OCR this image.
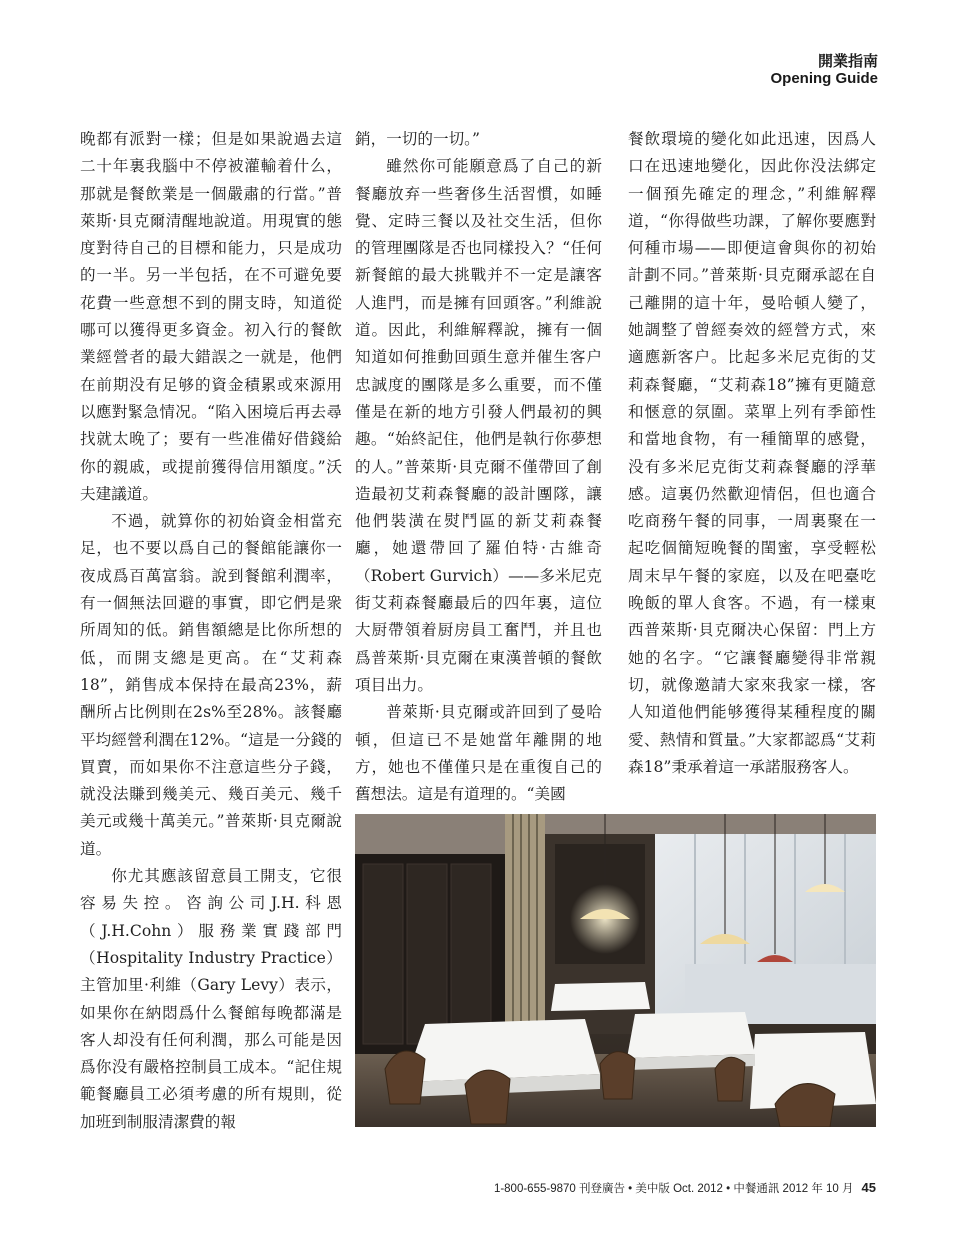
開業指南
Opening Guide

晚都有派對一樣；但是如果說過去這二十年裏我腦中不停被灌輸着什么，那就是餐飲業是一個嚴肅的行當。”普萊斯·貝克爾清醒地說道。用現實的態度對待自己的目標和能力，只是成功的一半。另一半包括，在不可避免要花費一些意想不到的開支時，知道從哪可以獲得更多資金。初入行的餐飲業經營者的最大錯誤之一就是，他們在前期没有足够的資金積累或來源用以應對緊急情况。“陷入困境后再去尋找就太晚了；要有一些准備好借錢給你的親戚，或提前獲得信用額度。”沃夫建議道。

不過，就算你的初始資金相當充足，也不要以爲自己的餐館能讓你一夜成爲百萬富翁。說到餐館利潤率，有一個無法回避的事實，即它們是衆所周知的低。銷售額總是比你所想的低，而開支總是更高。在“艾莉森18”，銷售成本保持在最高23%，薪酬所占比例則在2s%至28%。該餐廳平均經營利潤在12%。“這是一分錢的買賣，而如果你不注意這些分子錢，就没法賺到幾美元、幾百美元、幾千美元或幾十萬美元。”普萊斯·貝克爾說道。

你尤其應該留意員工開支，它很容易失控。咨詢公司J.H.科恩（J.H.Cohn）服務業實踐部門（Hospitality Industry Practice）主管加里·利維（Gary Levy）表示，如果你在納悶爲什么餐館每晚都滿是客人却没有任何利潤，那么可能是因爲你没有嚴格控制員工成本。“記住規範餐廳員工必須考慮的所有規則，從加班到制服清潔費的報

銷，一切的一切。”

雖然你可能願意爲了自己的新餐廳放弃一些奢侈生活習慣，如睡覺、定時三餐以及社交生活，但你的管理團隊是否也同樣投入？“任何新餐館的最大挑戰并不一定是讓客人進門，而是擁有回頭客。”利維說道。因此，利維解釋說，擁有一個知道如何推動回頭生意并催生客户忠誠度的團隊是多么重要，而不僅僅是在新的地方引發人們最初的興趣。“始終記住，他們是執行你夢想的人。”普萊斯·貝克爾不僅帶回了創造最初艾莉森餐廳的設計團隊，讓他們裝潢在熨鬥區的新艾莉森餐廳，她還帶回了羅伯特·古維奇（Robert Gurvich）——多米尼克街艾莉森餐廳最后的四年裏，這位大厨帶領着厨房員工奮鬥，并且也爲普萊斯·貝克爾在東漢普頓的餐飲項目出力。

普萊斯·貝克爾或許回到了曼哈頓，但這已不是她當年離開的地方，她也不僅僅只是在重復自己的舊想法。這是有道理的。“美國

餐飲環境的變化如此迅速，因爲人口在迅速地變化，因此你没法綁定一個預先確定的理念，”利維解釋道，“你得做些功課，了解你要應對何種市場——即便這會與你的初始計劃不同。”普萊斯·貝克爾承認在自己離開的這十年，曼哈頓人變了，她調整了曾經奏效的經營方式，來適應新客户。比起多米尼克街的艾莉森餐廳，“艾莉森18”擁有更隨意和愜意的氛圍。菜單上列有季節性和當地食物，有一種簡單的感覺，没有多米尼克街艾莉森餐廳的浮華感。這裏仍然歡迎情侶，但也適合吃商務午餐的同事，一周裏聚在一起吃個簡短晚餐的閨蜜，享受輕松周末早午餐的家庭，以及在吧臺吃晚飯的單人食客。不過，有一樣東西普萊斯·貝克爾决心保留：門上方她的名字。“它讓餐廳變得非常親切，就像邀請大家來我家一樣，客人知道他們能够獲得某種程度的關愛、熱情和質量。”大家都認爲“艾莉森18”秉承着這一承諾服務客人。

1-800-655-9870 刊登廣告 • 美中版 Oct. 2012 • 中餐通訊 2012 年 10 月 45
